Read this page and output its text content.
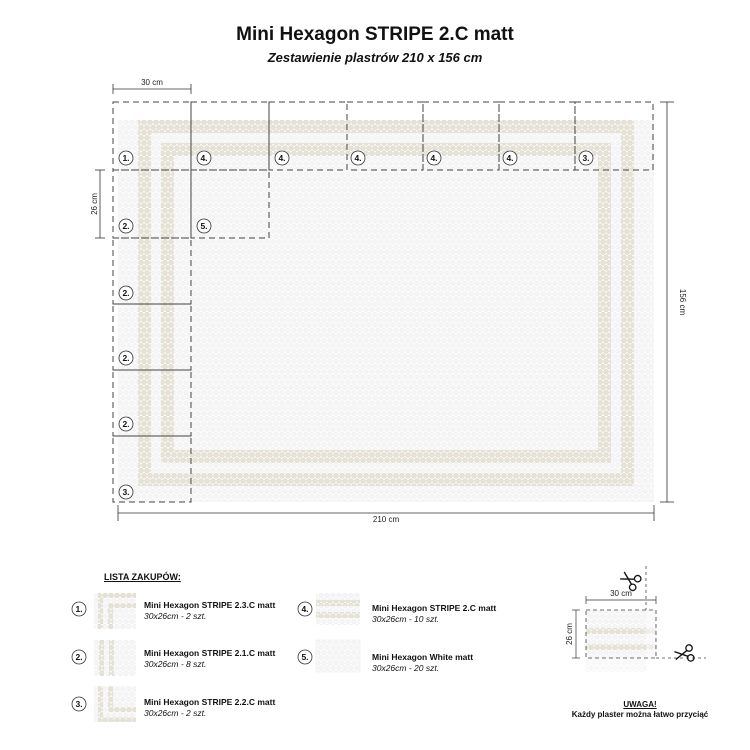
Mini Hexagon STRIPE 2.C matt
Zestawienie plastrów 210 x 156 cm
30 cm
26 cm
210 cm
156 cm
1.	4.	4.	4.	4.	4.	3.
2.
2.
2.
2.
3.
5.
1.
2.
3.
4.
5.
30 cm
26 cm
LISTA ZAKUPÓW:
Mini Hexagon STRIPE 2.3.C matt
30x26cm - 2 szt.
Mini Hexagon STRIPE 2.1.C matt
30x26cm - 8 szt.
Mini Hexagon STRIPE 2.2.C matt
30x26cm - 2 szt.
Mini Hexagon STRIPE 2.C matt
30x26cm - 10 szt.
Mini Hexagon White matt
30x26cm - 20 szt.
UWAGA!
Każdy plaster można łatwo przyciąć
